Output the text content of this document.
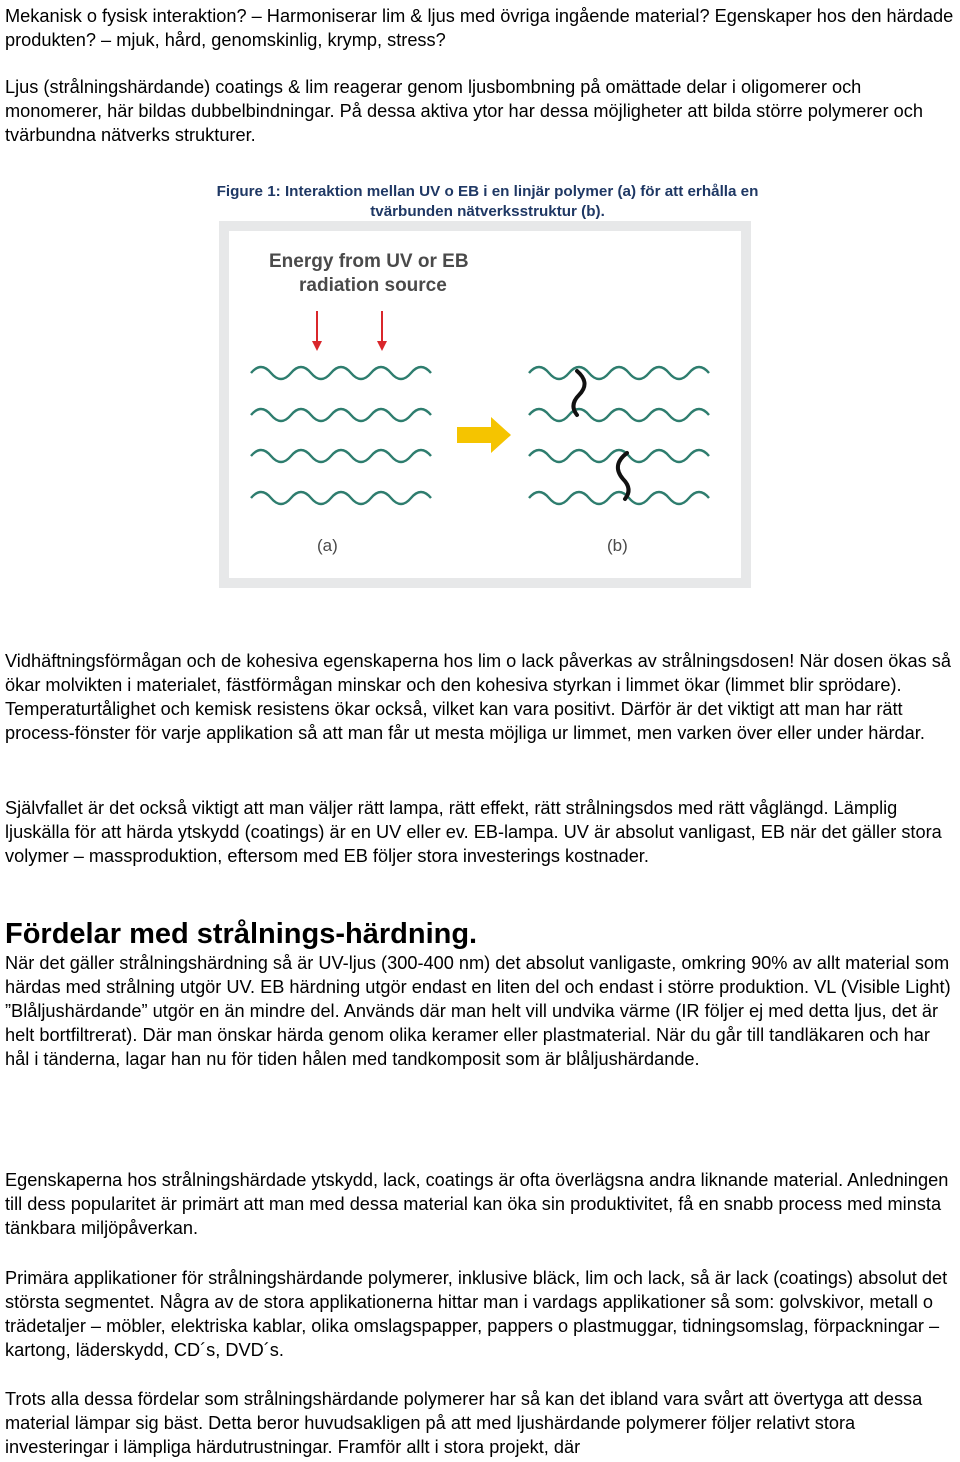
Mekanisk o fysisk interaktion? – Harmoniserar lim & ljus med övriga ingående material? Egenskaper hos den härdade produkten? – mjuk, hård, genomskinlig, krymp, stress?

Ljus (strålningshärdande) coatings & lim reagerar genom ljusbombning på omättade delar i oligomerer och monomerer, här bildas dubbelbindningar. På dessa aktiva ytor har dessa möjligheter att bilda större polymerer och tvärbundna nätverks strukturer.

Figure 1: Interaktion mellan UV o EB i en linjär polymer (a) för att erhålla en tvärbunden nätverksstruktur (b).

Energy from UV or EB
radiation source
(a)	(b)

Vidhäftningsförmågan och de kohesiva egenskaperna hos lim o lack påverkas av strålningsdosen! När dosen ökas så ökar molvikten i materialet, fästförmågan minskar och den kohesiva styrkan i limmet ökar (limmet blir sprödare). Temperaturtålighet och kemisk resistens ökar också, vilket kan vara positivt. Därför är det viktigt att man har rätt process-fönster för varje applikation så att man får ut mesta möjliga ur limmet, men varken över eller under härdar.

Självfallet är det också viktigt att man väljer rätt lampa, rätt effekt, rätt strålningsdos med rätt våglängd. Lämplig ljuskälla för att härda ytskydd (coatings) är en UV eller ev. EB-lampa. UV är absolut vanligast, EB när det gäller stora volymer – massproduktion, eftersom med EB följer stora investerings kostnader.

Fördelar med strålnings-härdning.

När det gäller strålningshärdning så är UV-ljus (300-400 nm) det absolut vanligaste, omkring 90% av allt material som härdas med strålning utgör UV. EB härdning utgör endast en liten del och endast i större produktion. VL (Visible Light) ”Blåljushärdande” utgör en än mindre del. Används där man helt vill undvika värme (IR följer ej med detta ljus, det är helt bortfiltrerat). Där man önskar härda genom olika keramer eller plastmaterial. När du går till tandläkaren och har hål i tänderna, lagar han nu för tiden hålen med tandkomposit som är blåljushärdande.

Egenskaperna hos strålningshärdade ytskydd, lack, coatings är ofta överlägsna andra liknande material. Anledningen till dess popularitet är primärt att man med dessa material kan öka sin produktivitet, få en snabb process med minsta tänkbara miljöpåverkan.

Primära applikationer för strålningshärdande polymerer, inklusive bläck, lim och lack, så är lack (coatings) absolut det största segmentet. Några av de stora applikationerna hittar man i vardags applikationer så som: golvskivor, metall o trädetaljer – möbler, elektriska kablar, olika omslagspapper, pappers o plastmuggar, tidningsomslag, förpackningar – kartong, läderskydd, CD´s, DVD´s.

Trots alla dessa fördelar som strålningshärdande polymerer har så kan det ibland vara svårt att övertyga att dessa material lämpar sig bäst. Detta beror huvudsakligen på att med ljushärdande polymerer följer relativt stora investeringar i lämpliga härdutrustningar. Framför allt i stora projekt, där
